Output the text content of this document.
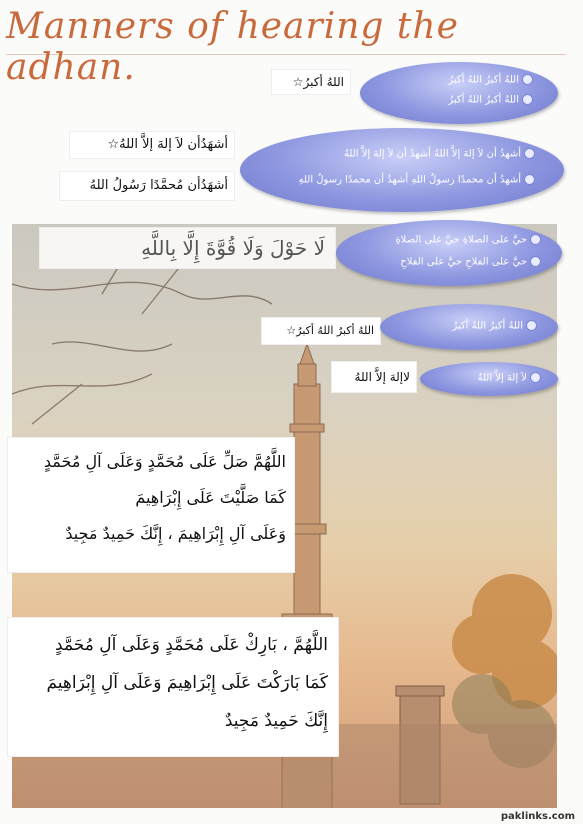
Manners of hearing the adhan.	اللهُ أكبرُ☆
أشهَدُأن لاَ إلهَ إلاَّ اللهُ☆
أشهَدُأن مُحمَّدًا رَسُولُ اللهُ
لَا حَوْلَ وَلَا قُوَّةَ إِلَّا بِاللَّهِ
اللهُ أكبرُ اللهُ أكبرُ☆
لاإلهَ إلاَّ اللهُ
اللهُ أكبرُ اللهُ أكبرُ
اللهُ أكبرُ اللهُ أكبرُ
أشهدُ أن لاَ إلهَ إلاَّ اللهُ أشهدُ أن لاَ إلهَ إلاَّ اللهُ
أشهدُ أن محمدًا رسولُ اللهِ أشهدُ أن محمدًا رسولُ اللهِ
حيَّ على الصلاةِ حيَّ على الصلاةِ
حيَّ على الفلاحِ حيَّ على الفلاحِ
اللهُ أكبرُ اللهُ أكبرُ
لاَ إلهَ إلاَّ اللهُ
اللَّهُمَّ صَلِّ عَلَى مُحَمَّدٍ وَعَلَى آلِ مُحَمَّدٍ
كَمَا صَلَّيْتَ عَلَى إِبْرَاهِيمَ
وَعَلَى آلِ إِبْرَاهِيمَ ، إِنَّكَ حَمِيدٌ مَجِيدٌ
اللَّهُمَّ ، بَارِكْ عَلَى مُحَمَّدٍ وَعَلَى آلِ مُحَمَّدٍ
كَمَا بَارَكْتَ عَلَى إِبْرَاهِيمَ وَعَلَى آلِ إِبْرَاهِيمَ
إِنَّكَ حَمِيدٌ مَجِيدٌ
paklinks.com
